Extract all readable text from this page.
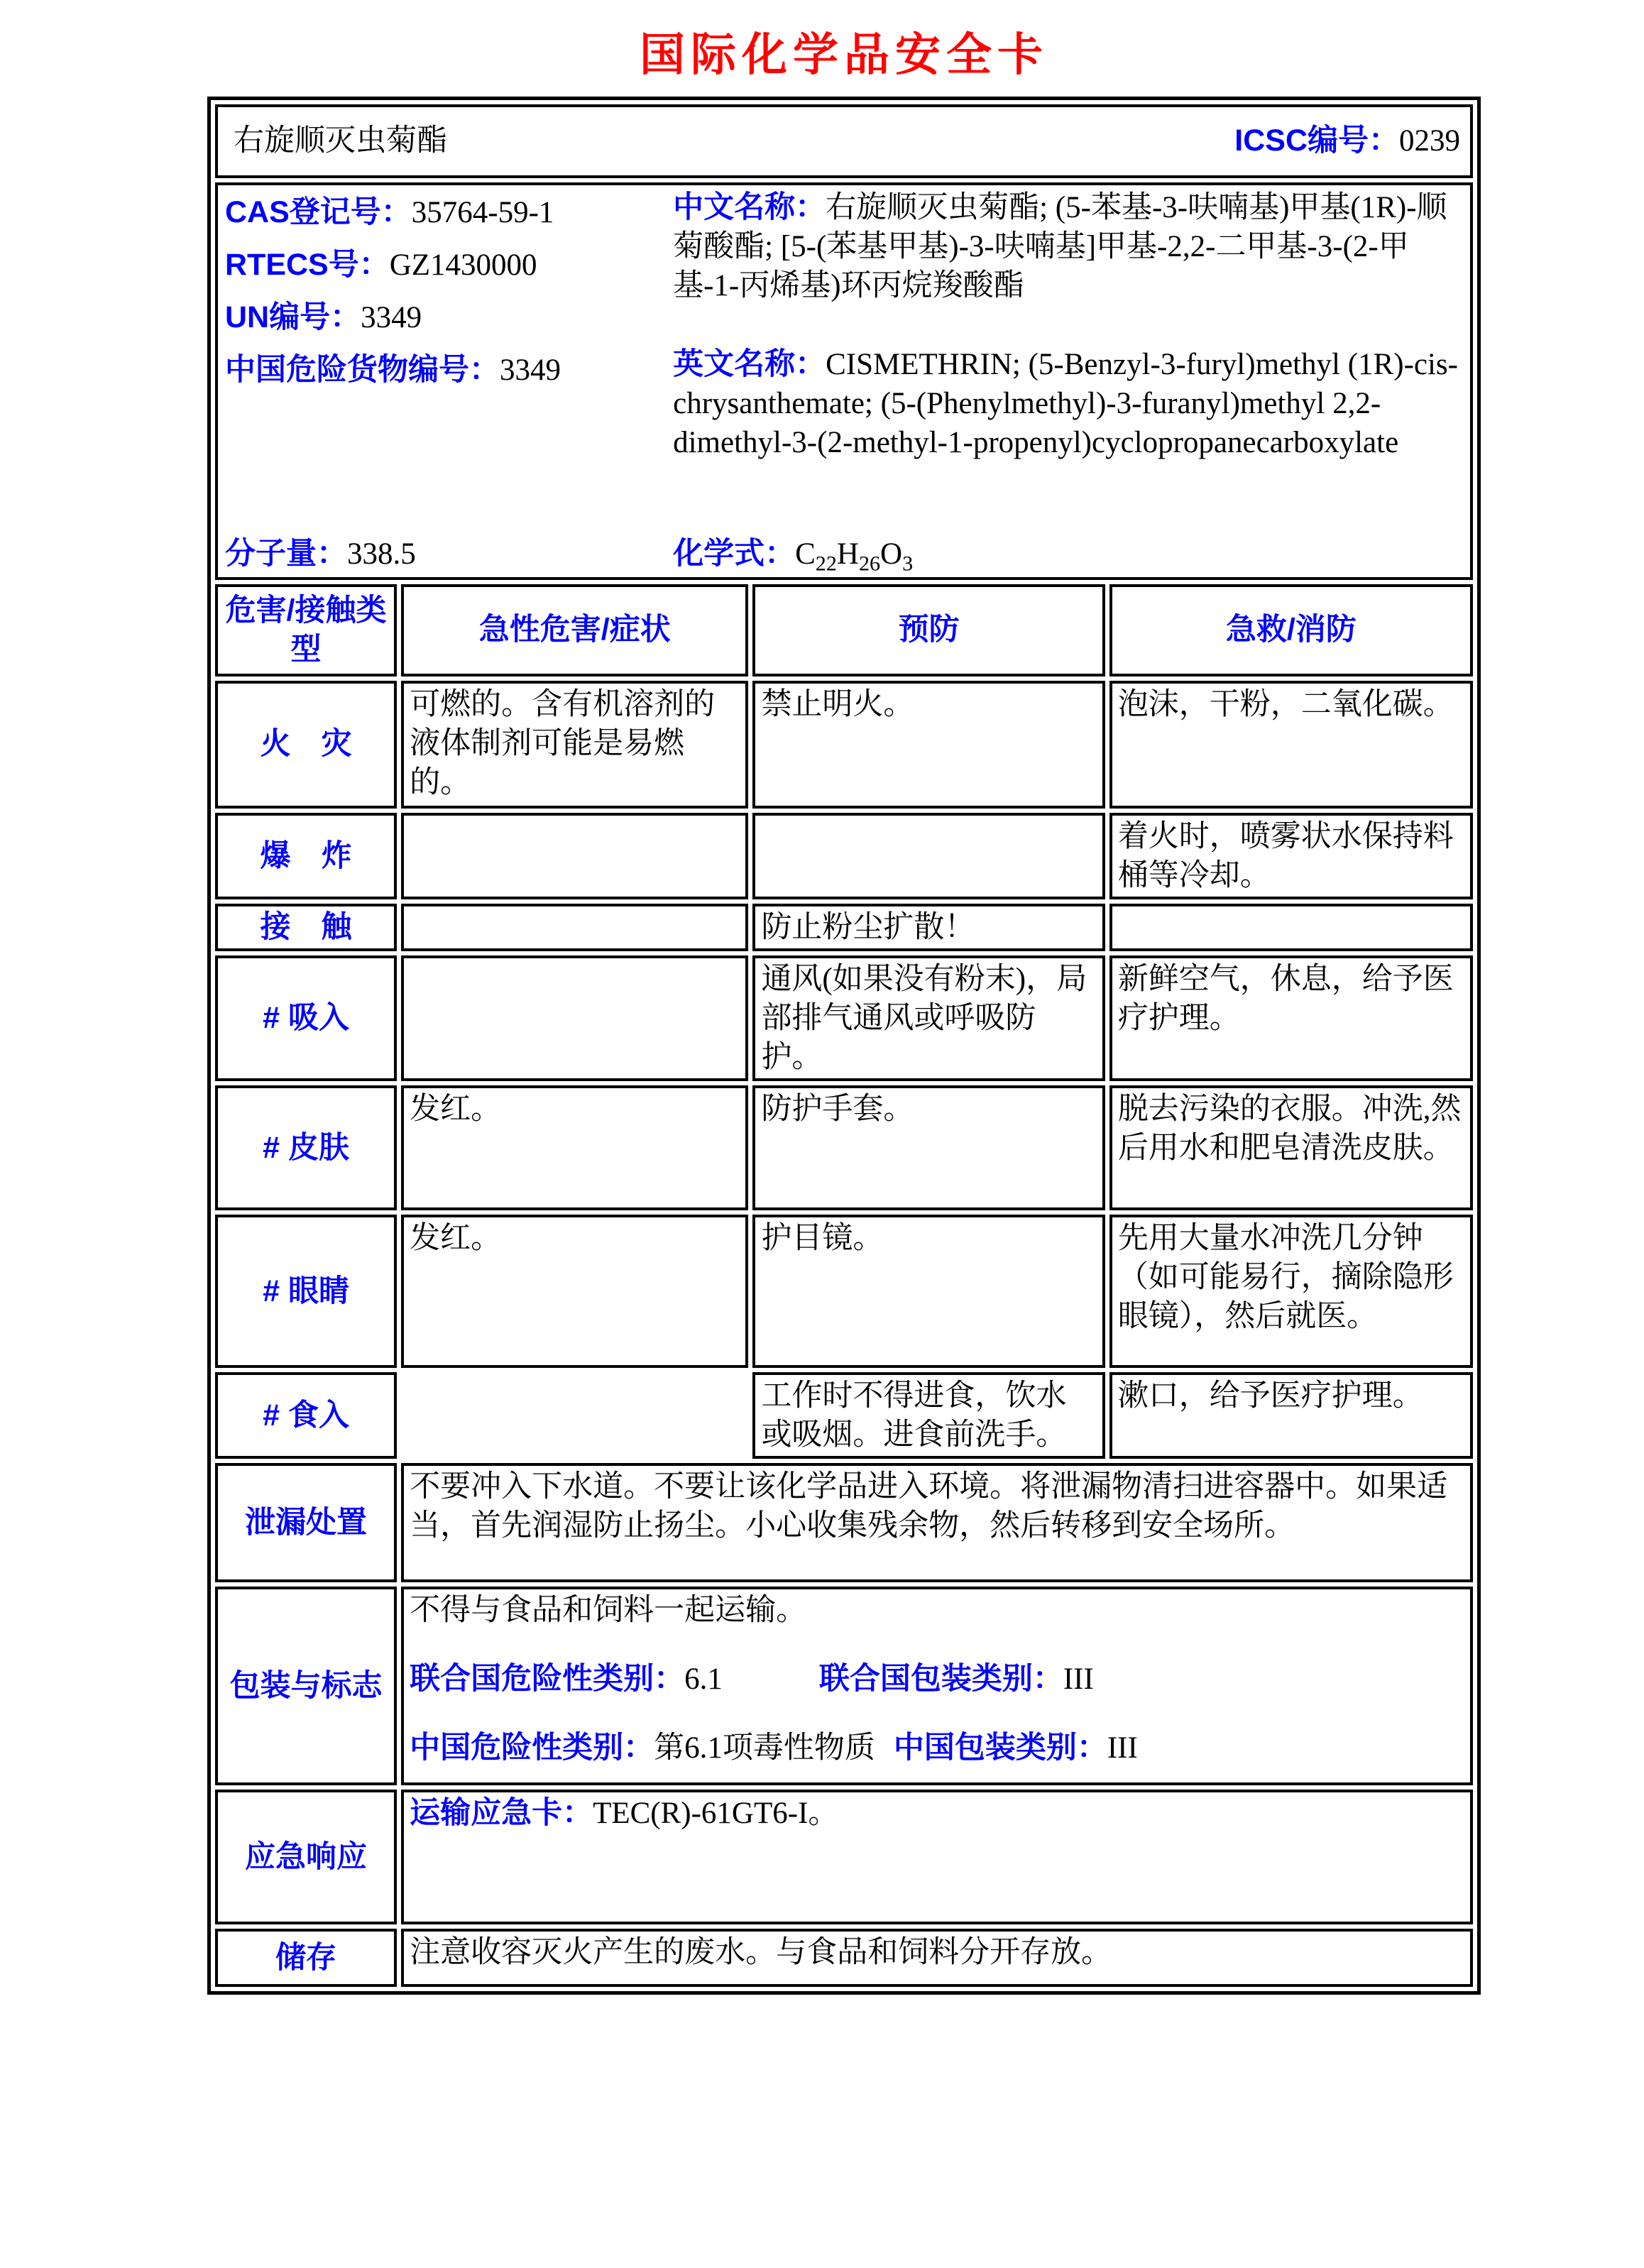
国际化学品安全卡
右旋顺灭虫菊酯 ICSC编号：0239			

CAS登记号：35764-59-1
RTECS号：GZ1430000
UN编号：3349
中国危险货物编号：3349
分子量：338.5
中文名称：右旋顺灭虫菊酯; (5-苯基-3-呋喃基)甲基(1R)-顺菊酸酯; [5-(苯基甲基)-3-呋喃基]甲基-2,2-二甲基-3-(2-甲基-1-丙烯基)环丙烷羧酸酯
英文名称：CISMETHRIN; (5-Benzyl-3-furyl)methyl (1R)-cis-chrysanthemate; (5-(Phenylmethyl)-3-furanyl)methyl 2,2-dimethyl-3-(2-methyl-1-propenyl)cyclopropanecarboxylate
化学式：$C_{22}H_{26}O_3$

危害/接触类型	急性危害/症状	预防	急救/消防
火　灾	可燃的。含有机溶剂的液体制剂可能是易燃的。	禁止明火。	泡沫，干粉，二氧化碳。
爆　炸			着火时，喷雾状水保持料桶等冷却。
接　触		防止粉尘扩散！	
# 吸入		通风(如果没有粉末)，局部排气通风或呼吸防护。	新鲜空气，休息，给予医疗护理。
# 皮肤	发红。	防护手套。	脱去污染的衣服。冲洗,然后用水和肥皂清洗皮肤。
# 眼睛	发红。	护目镜。	先用大量水冲洗几分钟（如可能易行，摘除隐形眼镜），然后就医。
# 食入		工作时不得进食，饮水或吸烟。进食前洗手。	漱口，给予医疗护理。
泄漏处置	不要冲入下水道。不要让该化学品进入环境。将泄漏物清扫进容器中。如果适当，首先润湿防止扬尘。小心收集残余物，然后转移到安全场所。		
包装与标志	不得与食品和饲料一起运输。
联合国危险性类别：6.1 联合国包装类别：III
中国危险性类别：第6.1项毒性物质 中国包装类别：III		

应急响应	运输应急卡：TEC(R)-61GT6-I。		
储存	注意收容灭火产生的废水。与食品和饲料分开存放。		
